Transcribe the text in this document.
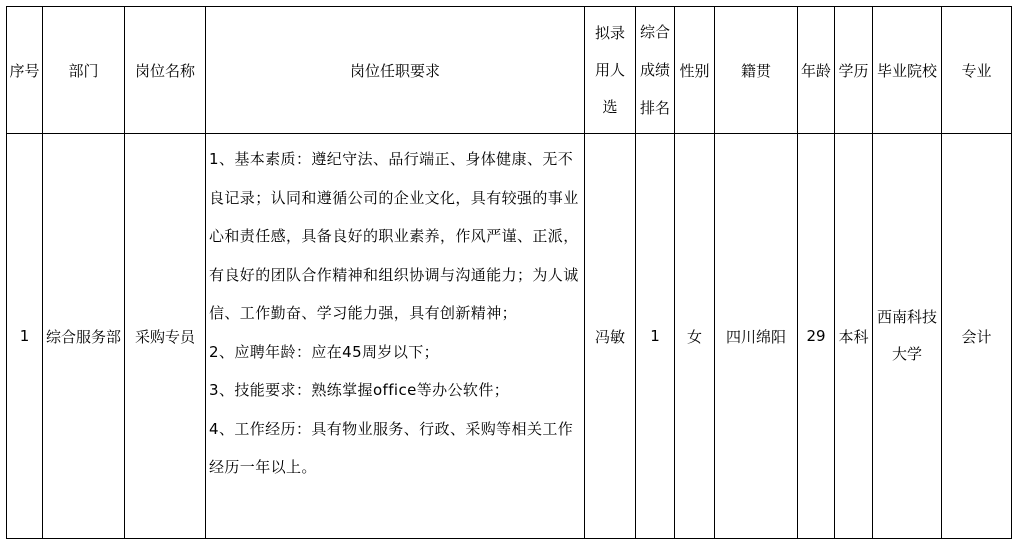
序号	部门	岗位名称	岗位任职要求	拟录用人选	综合成绩排名	性别	籍贯	年龄	学历	毕业院校	专业
1	综合服务部	采购专员	1、基本素质：遵纪守法、品行端正、身体健康、无不良记录；认同和遵循公司的企业文化，具有较强的事业心和责任感，具备良好的职业素养，作风严谨、正派，有良好的团队合作精神和组织协调与沟通能力；为人诚信、工作勤奋、学习能力强，具有创新精神；

2、应聘年龄：应在45周岁以下；

3、技能要求：熟练掌握office等办公软件；

4、工作经历：具有物业服务、行政、采购等相关工作经历一年以上。	冯敏	1	女	四川绵阳	29	本科	西南科技大学	会计
